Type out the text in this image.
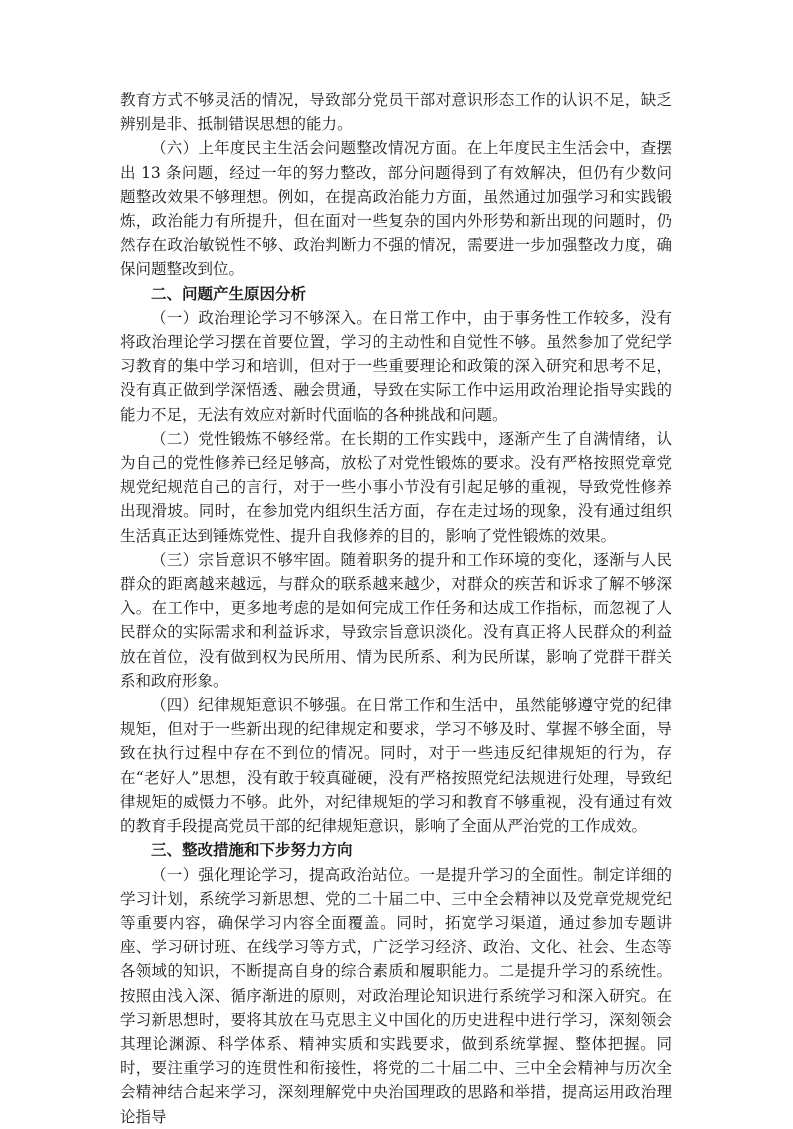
教育方式不够灵活的情况，导致部分党员干部对意识形态工作的认识不足，缺乏辨别是非、抵制错误思想的能力。

（六）上年度民主生活会问题整改情况方面。在上年度民主生活会中，查摆出 13 条问题，经过一年的努力整改，部分问题得到了有效解决，但仍有少数问题整改效果不够理想。例如，在提高政治能力方面，虽然通过加强学习和实践锻炼，政治能力有所提升，但在面对一些复杂的国内外形势和新出现的问题时，仍然存在政治敏锐性不够、政治判断力不强的情况，需要进一步加强整改力度，确保问题整改到位。

二、问题产生原因分析

（一）政治理论学习不够深入。在日常工作中，由于事务性工作较多，没有将政治理论学习摆在首要位置，学习的主动性和自觉性不够。虽然参加了党纪学习教育的集中学习和培训，但对于一些重要理论和政策的深入研究和思考不足，没有真正做到学深悟透、融会贯通，导致在实际工作中运用政治理论指导实践的能力不足，无法有效应对新时代面临的各种挑战和问题。

（二）党性锻炼不够经常。在长期的工作实践中，逐渐产生了自满情绪，认为自己的党性修养已经足够高，放松了对党性锻炼的要求。没有严格按照党章党规党纪规范自己的言行，对于一些小事小节没有引起足够的重视，导致党性修养出现滑坡。同时，在参加党内组织生活方面，存在走过场的现象，没有通过组织生活真正达到锤炼党性、提升自我修养的目的，影响了党性锻炼的效果。

（三）宗旨意识不够牢固。随着职务的提升和工作环境的变化，逐渐与人民群众的距离越来越远，与群众的联系越来越少，对群众的疾苦和诉求了解不够深入。在工作中，更多地考虑的是如何完成工作任务和达成工作指标，而忽视了人民群众的实际需求和利益诉求，导致宗旨意识淡化。没有真正将人民群众的利益放在首位，没有做到权为民所用、情为民所系、利为民所谋，影响了党群干群关系和政府形象。

（四）纪律规矩意识不够强。在日常工作和生活中，虽然能够遵守党的纪律规矩，但对于一些新出现的纪律规定和要求，学习不够及时、掌握不够全面，导致在执行过程中存在不到位的情况。同时，对于一些违反纪律规矩的行为，存在“老好人”思想，没有敢于较真碰硬，没有严格按照党纪法规进行处理，导致纪律规矩的威慑力不够。此外，对纪律规矩的学习和教育不够重视，没有通过有效的教育手段提高党员干部的纪律规矩意识，影响了全面从严治党的工作成效。

三、整改措施和下步努力方向

（一）强化理论学习，提高政治站位。一是提升学习的全面性。制定详细的学习计划，系统学习新思想、党的二十届二中、三中全会精神以及党章党规党纪等重要内容，确保学习内容全面覆盖。同时，拓宽学习渠道，通过参加专题讲座、学习研讨班、在线学习等方式，广泛学习经济、政治、文化、社会、生态等各领域的知识，不断提高自身的综合素质和履职能力。二是提升学习的系统性。按照由浅入深、循序渐进的原则，对政治理论知识进行系统学习和深入研究。在学习新思想时，要将其放在马克思主义中国化的历史进程中进行学习，深刻领会其理论渊源、科学体系、精神实质和实践要求，做到系统掌握、整体把握。同时，要注重学习的连贯性和衔接性，将党的二十届二中、三中全会精神与历次全会精神结合起来学习，深刻理解党中央治国理政的思路和举措，提高运用政治理论指导
